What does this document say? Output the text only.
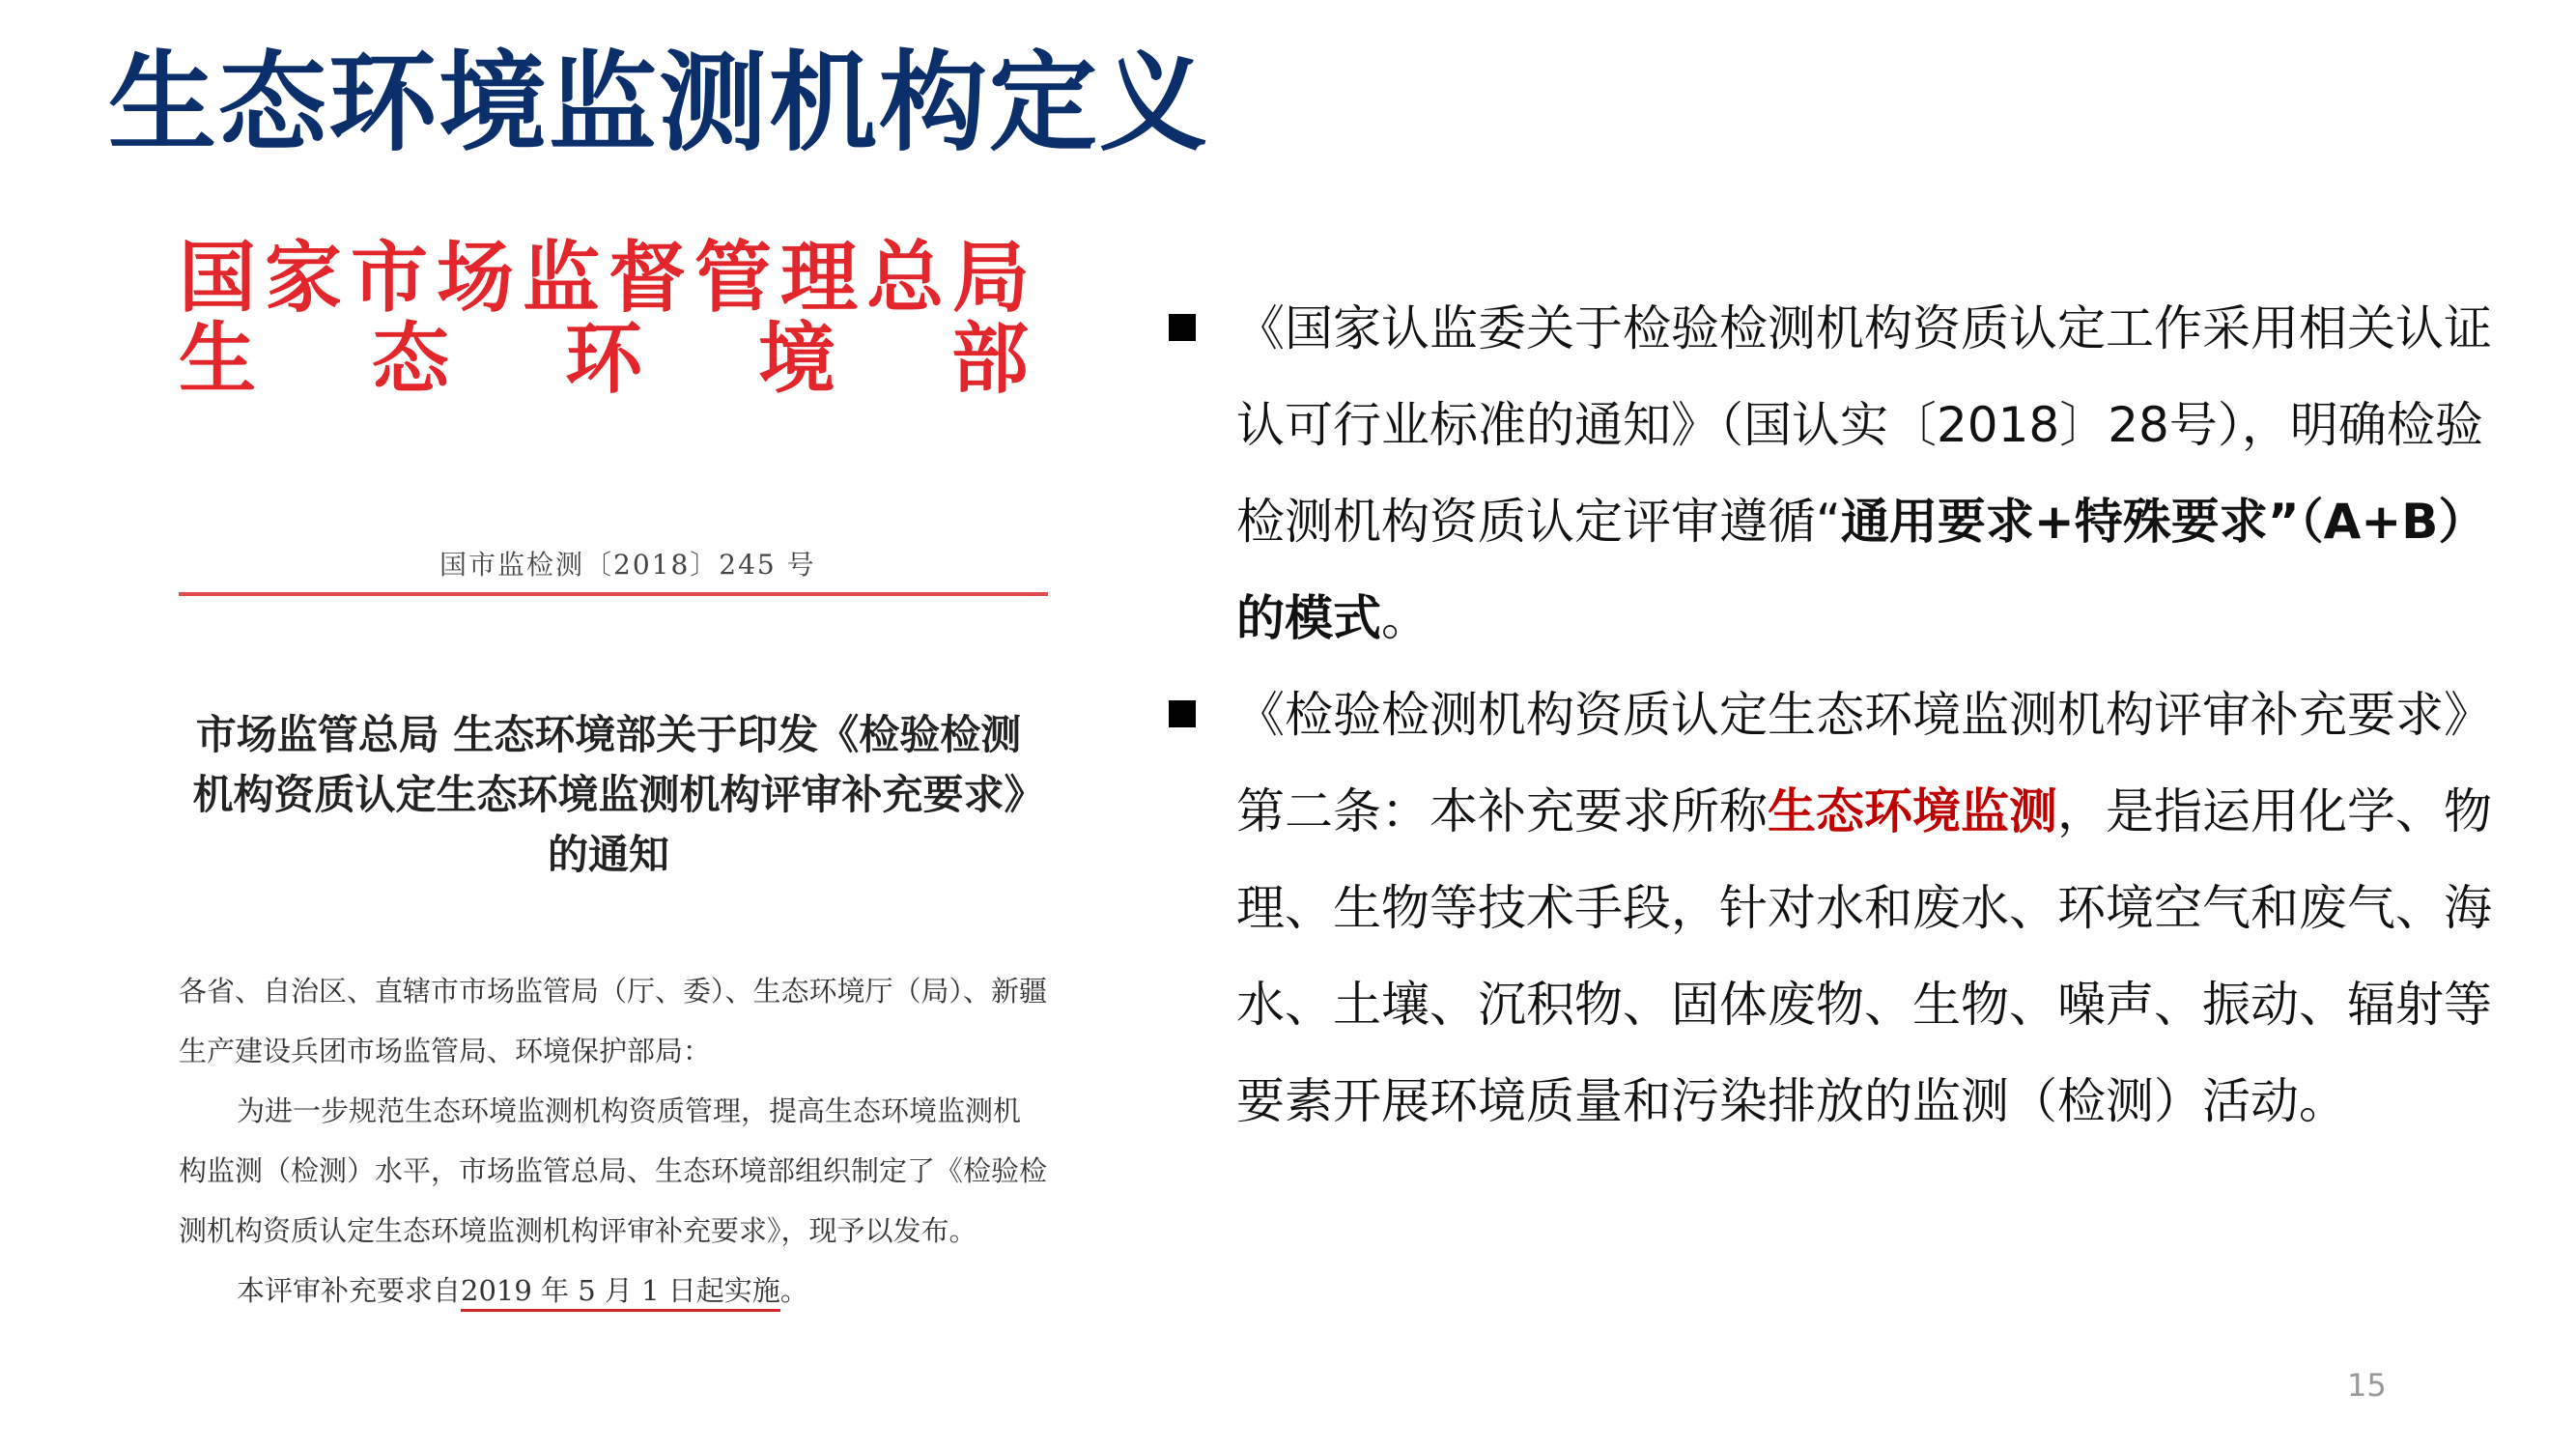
生态环境监测机构定义
国家市场监督管理总局
生 态 环 境 部
国市监检测〔2018〕245 号
市场监管总局 生态环境部关于印发《检验检测机构资质认定生态环境监测机构评审补充要求》的通知

各省、自治区、直辖市市场监管局（厅、委）、生态环境厅（局）、新疆生产建设兵团市场监管局、环境保护部局：

为进一步规范生态环境监测机构资质管理，提高生态环境监测机构监测（检测）水平，市场监管总局、生态环境部组织制定了《检验检测机构资质认定生态环境监测机构评审补充要求》，现予以发布。

本评审补充要求自2019 年 5 月 1 日起实施。

《国家认监委关于检验检测机构资质认定工作采用相关认证认可行业标准的通知》（国认实〔2018〕28号），明确检验检测机构资质认定评审遵循“通用要求+特殊要求”（A+B）的模式。
《检验检测机构资质认定生态环境监测机构评审补充要求》第二条：本补充要求所称生态环境监测，是指运用化学、物理、生物等技术手段，针对水和废水、环境空气和废气、海水、土壤、沉积物、固体废物、生物、噪声、振动、辐射等要素开展环境质量和污染排放的监测（检测）活动。
15
